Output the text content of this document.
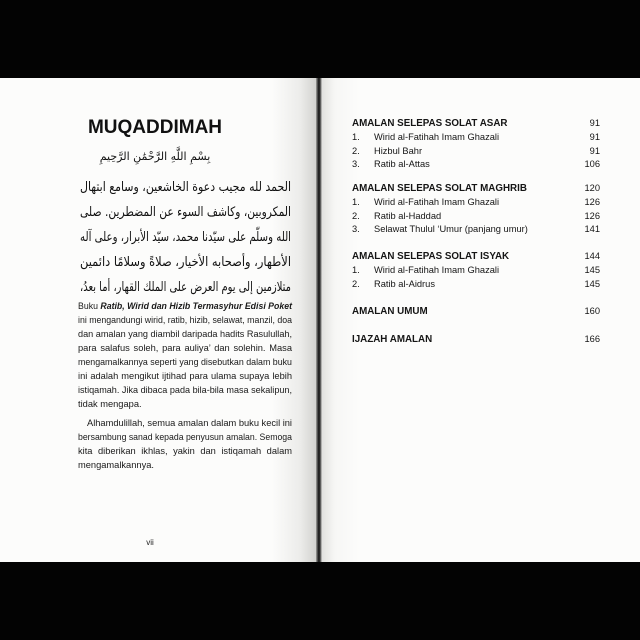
MUQADDIMAH
بِسْمِ اللَّهِ الرَّحْمَٰنِ الرَّحِيمِ
الحمد لله مجيب دعوة الخاشعين، وسامع ابتهال
المكروبين، وكاشف السوء عن المضطرين. صلى
الله وسلّم على سيّدنا محمد، سيّد الأبرار، وعلى آله
الأطهار، وأصحابه الأخيار، صلاةً وسلامًا دائمين
متلازمين إلى يوم العرض على الملك القهار، أما بعدُ،
Buku Ratib, Wirid dan Hizib Termasyhur Edisi Poket
ini mengandungi wirid, ratib, hizib, selawat, manzil, doa
dan amalan yang diambil daripada hadits Rasulullah,
para salafus soleh, para auliya’ dan solehin. Masa
mengamalkannya seperti yang disebutkan dalam buku
ini adalah mengikut ijtihad para ulama supaya lebih
istiqamah. Jika dibaca pada bila-bila masa sekalipun,
tidak mengapa.
Alhamdulillah, semua amalan dalam buku kecil ini
bersambung sanad kepada penyusun amalan. Semoga
kita diberikan ikhlas, yakin dan istiqamah dalam
mengamalkannya.
vii
AMALAN SELEPAS SOLAT ASAR	91
1.	Wirid al-Fatihah Imam Ghazali	91
2.	Hizbul Bahr	91
3.	Ratib al-Attas	106
AMALAN SELEPAS SOLAT MAGHRIB	120
1.	Wirid al-Fatihah Imam Ghazali	126
2.	Ratib al-Haddad	126
3.	Selawat Thulul ‘Umur (panjang umur)	141
AMALAN SELEPAS SOLAT ISYAK	144
1.	Wirid al-Fatihah Imam Ghazali	145
2.	Ratib al-Aidrus	145
AMALAN UMUM	160
IJAZAH AMALAN	166
